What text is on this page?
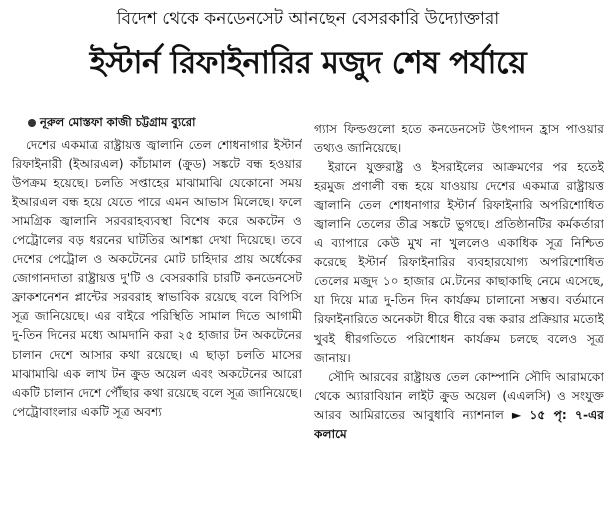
বিদেশ থেকে কনডেনসেট আনছেন বেসরকারি উদ্যোক্তারা
ইস্টার্ন রিফাইনারির মজুদ শেষ পর্যায়ে
নূরুল মোস্তফা কাজী চট্টগ্রাম ব্যুরো

দেশের একমাত্র রাষ্ট্রায়ত্ত জ্বালানি তেল শোধনাগার ইস্টার্ন রিফাইনারী (ইআরএল) কাঁচামাল (ক্রুড) সঙ্কটে বন্ধ হওয়ার উপক্রম হয়েছে। চলতি সপ্তাহের মাঝামাঝি যেকোনো সময় ইআরএল বন্ধ হয়ে যেতে পারে এমন আভাস মিলেছে। ফলে সামগ্রিক জ্বালানি সরবরাহব্যবস্থা বিশেষ করে অকটেন ও পেট্রোলের বড় ধরনের ঘাটতির আশঙ্কা দেখা দিয়েছে। তবে দেশের পেট্রোল ও অকটেনের মোট চাহিদার প্রায় অর্ধেকের জোগানদাতা রাষ্ট্রায়ত্ত দু'টি ও বেসরকারি চারটি কনডেনসেট ফ্রাকশনেশন প্লান্টের সরবরাহ স্বাভাবিক রয়েছে বলে বিপিসি সূত্র জানিয়েছে। এর বাইরে পরিস্থিতি সামাল দিতে আগামী দু-তিন দিনের মধ্যে আমদানি করা ২৫ হাজার টন অকটেনের চালান দেশে আসার কথা রয়েছে। এ ছাড়া চলতি মাসের মাঝামাঝি এক লাখ টন ক্রুড অয়েল এবং অকটেনের আরো একটি চালান দেশে পৌঁছার কথা রয়েছে বলে সূত্র জানিয়েছে। পেট্রোবাংলার একটি সূত্র অবশ্য

গ্যাস ফিল্ডগুলো হতে কনডেনসেট উৎপাদন হ্রাস পাওয়ার তথ্যও জানিয়েছে।

ইরানে যুক্তরাষ্ট্র ও ইসরাইলের আক্রমণের পর হতেই হরমুজ প্রণালী বন্ধ হয়ে যাওয়ায় দেশের একমাত্র রাষ্ট্রায়ত্ত জ্বালানি তেল শোধনাগার ইস্টার্ন রিফাইনারি অপরিশোধিত জ্বালানি তেলের তীব্র সঙ্কটে ভুগছে। প্রতিষ্ঠানটির কর্মকর্তারা এ ব্যাপারে কেউ মুখ না খুললেও একাধিক সূত্র নিশ্চিত করেছে ইস্টার্ন রিফাইনারির ব্যবহারযোগ্য অপরিশোধিত তেলের মজুদ ১০ হাজার মে.টনের কাছাকাছি নেমে এসেছে, যা দিয়ে মাত্র দু-তিন দিন কার্যক্রম চালানো সম্ভব। বর্তমানে রিফাইনারিতে অনেকটা ধীরে ধীরে বন্ধ করার প্রক্রিয়ার মতোই খুবই ধীরগতিতে পরিশোধন কার্যক্রম চলছে বলেও সূত্র জানায়।

সৌদি আরবের রাষ্ট্রায়ত্ত তেল কোম্পানি সৌদি আরামকো থেকে অ্যারাবিয়ান লাইট ক্রুড অয়েল (এএলসি) ও সংযুক্ত আরব আমিরাতের আবুধাবি ন্যাশনাল ► ১৫ পৃ: ৭-এর কলামে
